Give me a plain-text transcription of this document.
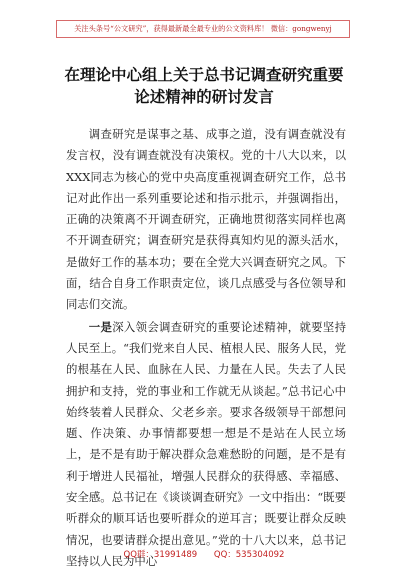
关注头条号“公文研究”，获得最新最全最专业的公文资料库！ 微信：gongwenyj
在理论中心组上关于总书记调查研究重要
论述精神的研讨发言

调查研究是谋事之基、成事之道，没有调查就没有发言权，没有调查就没有决策权。党的十八大以来，以XXX同志为核心的党中央高度重视调查研究工作，总书记对此作出一系列重要论述和指示批示，并强调指出，正确的决策离不开调查研究，正确地贯彻落实同样也离不开调查研究；调查研究是获得真知灼见的源头活水，是做好工作的基本功；要在全党大兴调查研究之风。下面，结合自身工作职责定位，谈几点感受与各位领导和同志们交流。

一是深入领会调查研究的重要论述精神，就要坚持人民至上。“我们党来自人民、植根人民、服务人民，党的根基在人民、血脉在人民、力量在人民。失去了人民拥护和支持，党的事业和工作就无从谈起。”总书记心中始终装着人民群众、父老乡亲。要求各级领导干部想问题、作决策、办事情都要想一想是不是站在人民立场上，是不是有助于解决群众急难愁盼的问题，是不是有利于增进人民福祉，增强人民群众的获得感、幸福感、安全感。总书记在《谈谈调查研究》一文中指出：“既要听群众的顺耳话也要听群众的逆耳言；既要让群众反映情况，也要请群众提出意见。”党的十八大以来，总书记坚持以人民为中心

QQ群：31991489 QQ：535304092
